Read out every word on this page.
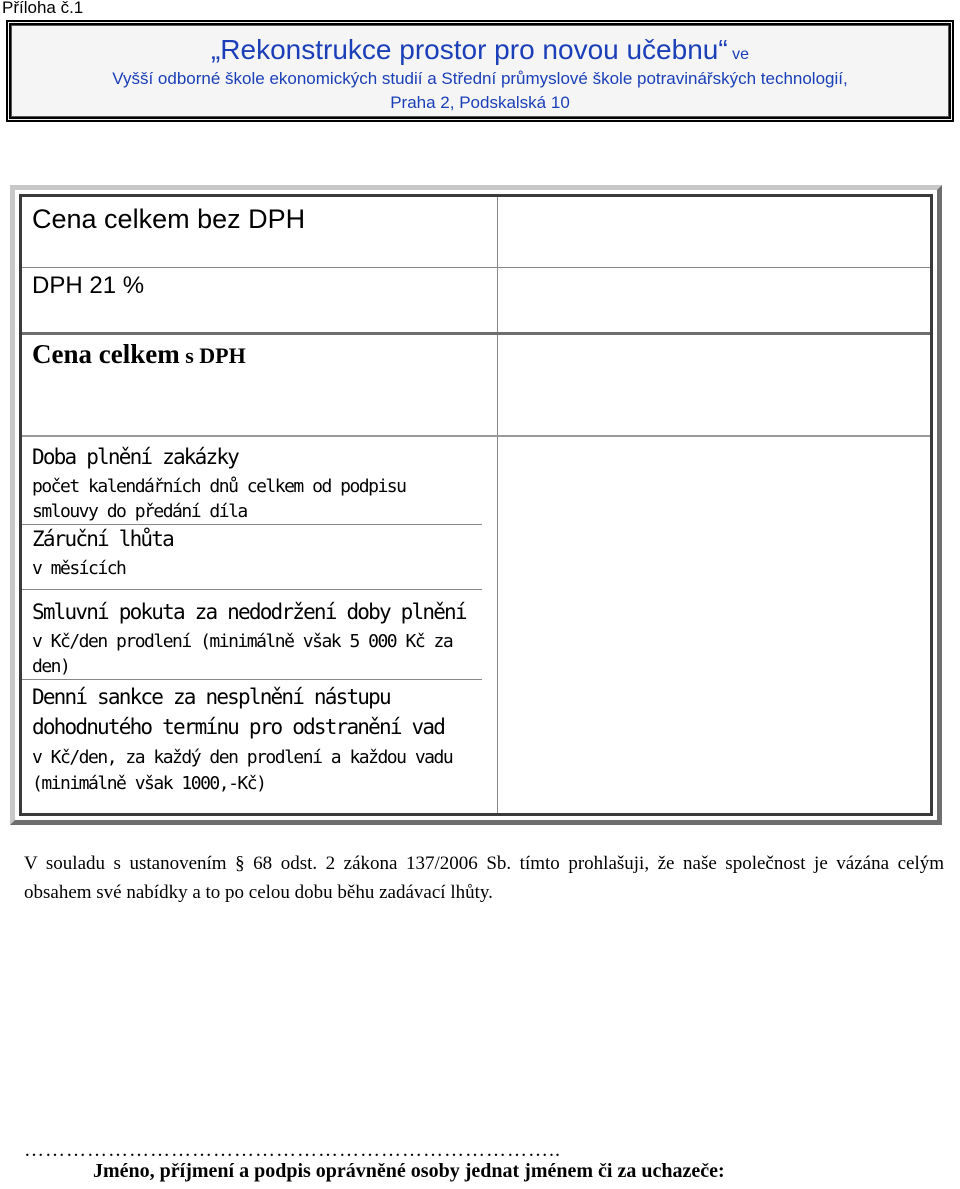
Příloha č.1
„Rekonstrukce prostor pro novou učebnu“ ve
Vyšší odborné škole ekonomických studií a Střední průmyslové škole potravinářských technologií,
Praha 2, Podskalská 10
Cena celkem bez DPH
DPH 21 %
Cena celkem s DPH
Doba plnění zakázky
počet kalendářních dnů celkem od podpisu
smlouvy do předání díla
Záruční lhůta
v měsících
Smluvní pokuta za nedodržení doby plnění
v Kč/den prodlení (minimálně však 5 000 Kč za
den)
Denní sankce za nesplnění nástupu
dohodnutého termínu pro odstranění vad
v Kč/den, za každý den prodlení a každou vadu
(minimálně však 1000,-Kč)
V souladu s ustanovením § 68 odst. 2 zákona 137/2006 Sb. tímto prohlašuji, že naše společnost je vázána celým obsahem své nabídky a to po celou dobu běhu zadávací lhůty.
…………………………………………………………………..
Jméno, příjmení a podpis oprávněné osoby jednat jménem či za uchazeče:
